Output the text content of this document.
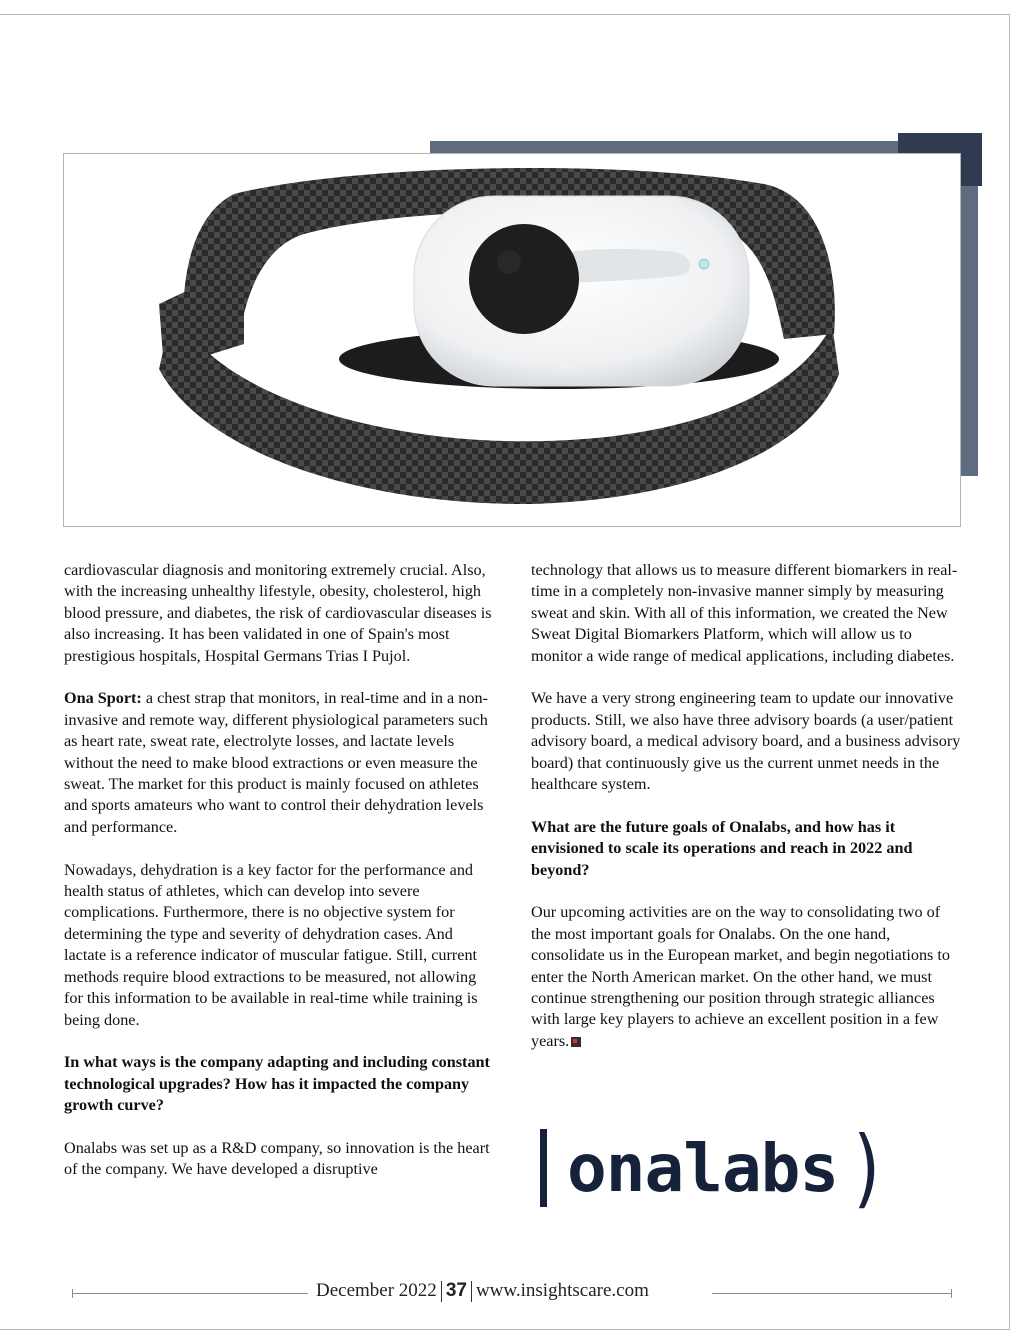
cardiovascular diagnosis and monitoring extremely crucial. Also, with the increasing unhealthy lifestyle, obesity, cholesterol, high blood pressure, and diabetes, the risk of cardiovascular diseases is also increasing. It has been validated in one of Spain's most prestigious hospitals, Hospital Germans Trias I Pujol.

Ona Sport: a chest strap that monitors, in real-time and in a non-invasive and remote way, different physiological parameters such as heart rate, sweat rate, electrolyte losses, and lactate levels without the need to make blood extractions or even measure the sweat. The market for this product is mainly focused on athletes and sports amateurs who want to control their dehydration levels and performance.

Nowadays, dehydration is a key factor for the performance and health status of athletes, which can develop into severe complications. Furthermore, there is no objective system for determining the type and severity of dehydration cases. And lactate is a reference indicator of muscular fatigue. Still, current methods require blood extractions to be measured, not allowing for this information to be available in real-time while training is being done.

In what ways is the company adapting and including constant technological upgrades? How has it impacted the company growth curve?

Onalabs was set up as a R&D company, so innovation is the heart of the company. We have developed a disruptive

technology that allows us to measure different biomarkers in real-time in a completely non-invasive manner simply by measuring sweat and skin. With all of this information, we created the New Sweat Digital Biomarkers Platform, which will allow us to monitor a wide range of medical applications, including diabetes.

We have a very strong engineering team to update our innovative products. Still, we also have three advisory boards (a user/patient advisory board, a medical advisory board, and a business advisory board) that continuously give us the current unmet needs in the healthcare system.

What are the future goals of Onalabs, and how has it envisioned to scale its operations and reach in 2022 and beyond?

Our upcoming activities are on the way to consolidating two of the most important goals for Onalabs. On the one hand, consolidate us in the European market, and begin negotiations to enter the North American market. On the other hand, we must continue strengthening our position through strategic alliances with large key players to achieve an excellent position in a few years.

onalabs )
December 2022 37 www.insightscare.com
